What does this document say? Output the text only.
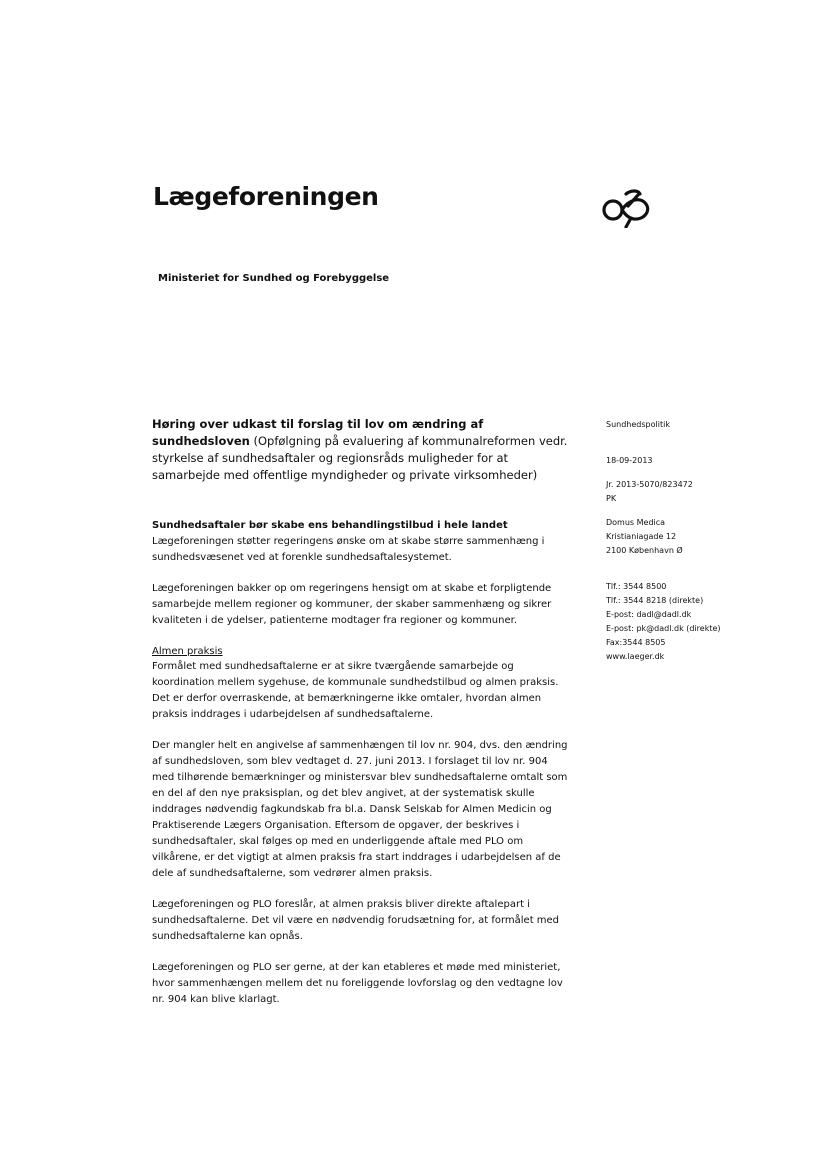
Lægeforeningen
Ministeriet for Sundhed og Forebyggelse

Høring over udkast til forslag til lov om ændring af sundhedsloven (Opfølgning på evaluering af kommunalreformen vedr. styrkelse af sundhedsaftaler og regionsråds muligheder for at samarbejde med offentlige myndigheder og private virksomheder)

Sundhedsaftaler bør skabe ens behandlingstilbud i hele landet

Lægeforeningen støtter regeringens ønske om at skabe større sammenhæng i sundhedsvæsenet ved at forenkle sundhedsaftalesystemet.

Lægeforeningen bakker op om regeringens hensigt om at skabe et forpligtende samarbejde mellem regioner og kommuner, der skaber sammenhæng og sikrer kvaliteten i de ydelser, patienterne modtager fra regioner og kommuner.

Almen praksis

Formålet med sundhedsaftalerne er at sikre tværgående samarbejde og koordination mellem sygehuse, de kommunale sundhedstilbud og almen praksis. Det er derfor overraskende, at bemærkningerne ikke omtaler, hvordan almen praksis inddrages i udarbejdelsen af sundhedsaftalerne.

Der mangler helt en angivelse af sammenhængen til lov nr. 904, dvs. den ændring af sundhedsloven, som blev vedtaget d. 27. juni 2013. I forslaget til lov nr. 904 med tilhørende bemærkninger og ministersvar blev sundhedsaftalerne omtalt som en del af den nye praksisplan, og det blev angivet, at der systematisk skulle inddrages nødvendig fagkundskab fra bl.a. Dansk Selskab for Almen Medicin og Praktiserende Lægers Organisation. Eftersom de opgaver, der beskrives i sundhedsaftaler, skal følges op med en underliggende aftale med PLO om vilkårene, er det vigtigt at almen praksis fra start inddrages i udarbejdelsen af de dele af sundhedsaftalerne, som vedrører almen praksis.

Lægeforeningen og PLO foreslår, at almen praksis bliver direkte aftalepart i sundhedsaftalerne. Det vil være en nødvendig forudsætning for, at formålet med sundhedsaftalerne kan opnås.

Lægeforeningen og PLO ser gerne, at der kan etableres et møde med ministeriet, hvor sammenhængen mellem det nu foreliggende lovforslag og den vedtagne lov nr. 904 kan blive klarlagt.

Sundhedspolitik
18-09-2013
Jr. 2013-5070/823472
PK
Domus Medica
Kristianiagade 12
2100 København Ø
Tlf.: 3544 8500
Tlf.: 3544 8218 (direkte)
E-post: dadl@dadl.dk
E-post: pk@dadl.dk (direkte)
Fax:3544 8505
www.laeger.dk
